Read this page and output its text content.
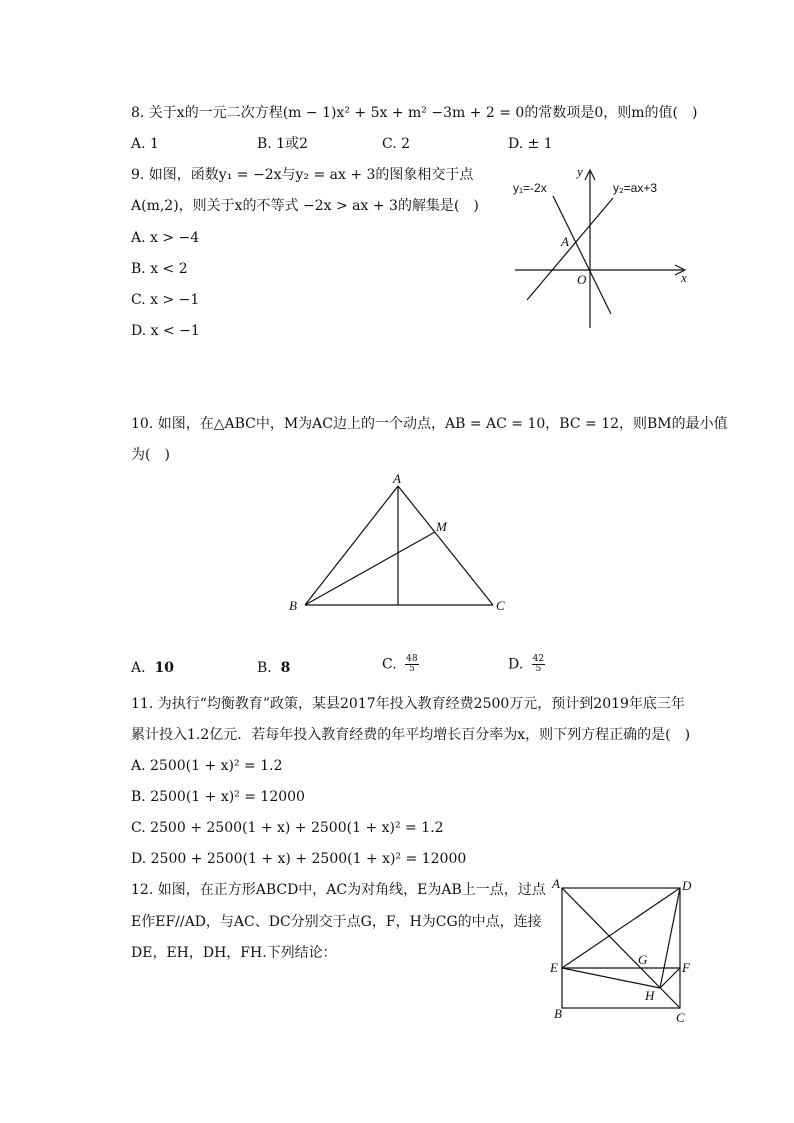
8. 关于x的一元二次方程(m − 1)x² + 5x + m² −3m + 2 = 0的常数项是0，则m的值(　)
A. 1	B. 1或2	C. 2	D. ± 1
9. 如图，函数y₁ = −2x与y₂ = ax + 3的图象相交于点
A(m,2)，则关于x的不等式 −2x > ax + 3的解集是(　)
A. x > −4
B. x < 2
C. x > −1
D. x < −1
y₁=-2x	y₂=ax+3
y
x
O
A
10. 如图，在△ABC中，M为AC边上的一个动点，AB = AC = 10，BC = 12，则BM的最小值
为(　)
A
B	C
M
A. 10	B. 8	C. $\frac{48}{5}$	D. $\frac{42}{5}$
11. 为执行“均衡教育”政策，某县2017年投入教育经费2500万元，预计到2019年底三年
累计投入1.2亿元．若每年投入教育经费的年平均增长百分率为x，则下列方程正确的是(　)
A. 2500(1 + x)² = 1.2
B. 2500(1 + x)² = 12000
C. 2500 + 2500(1 + x) + 2500(1 + x)² = 1.2
D. 2500 + 2500(1 + x) + 2500(1 + x)² = 12000
12. 如图，在正方形ABCD中，AC为对角线，E为AB上一点，过点
E作EF//AD，与AC、DC分别交于点G，F，H为CG的中点，连接
DE，EH，DH，FH.下列结论：
A	D
E	F
G
H
B	C
